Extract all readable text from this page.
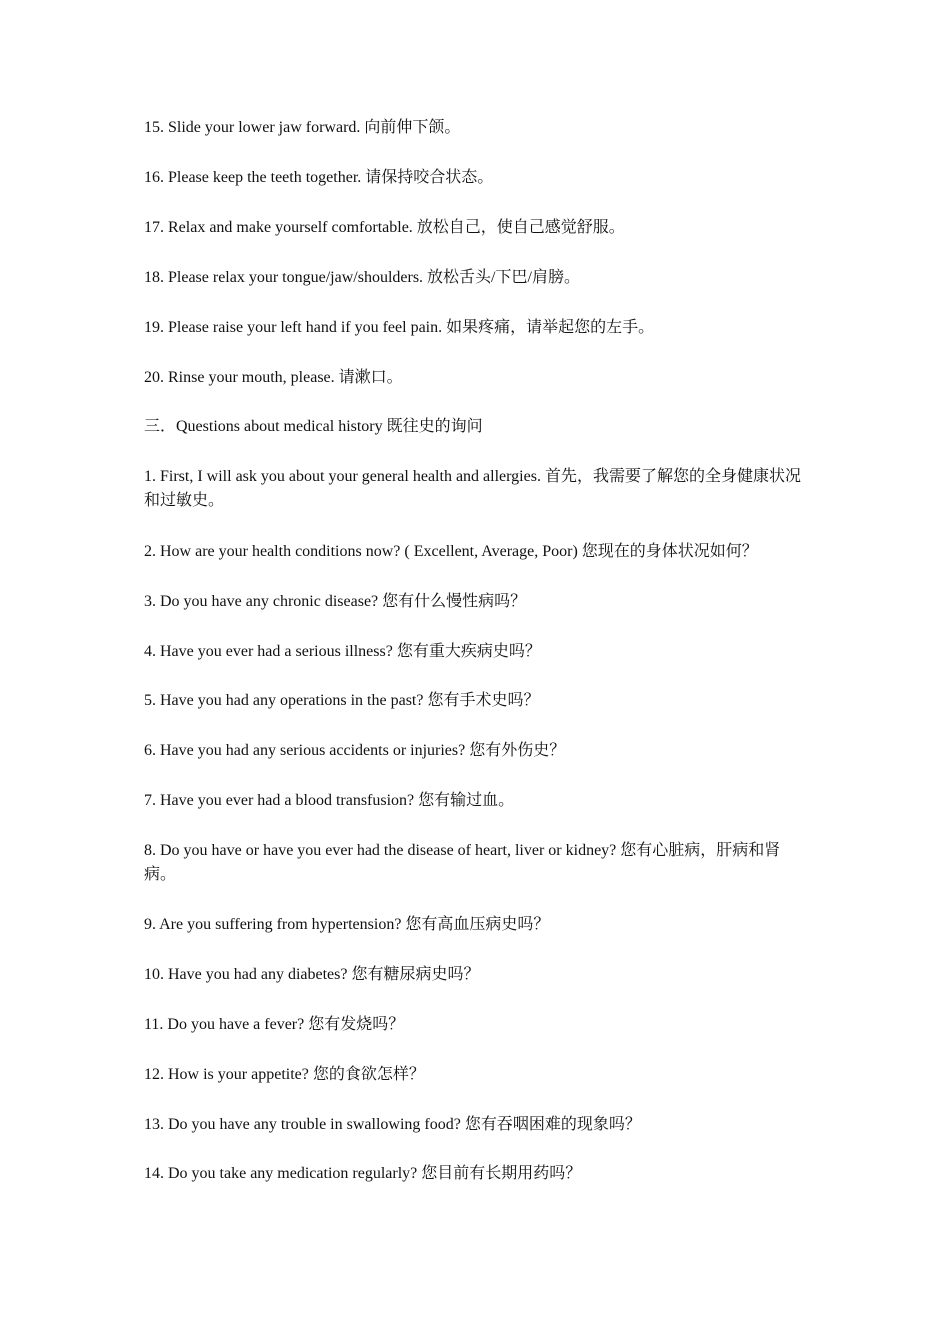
15. Slide your lower jaw forward. 向前伸下颌。
16. Please keep the teeth together. 请保持咬合状态。
17. Relax and make yourself comfortable. 放松自己，使自己感觉舒服。
18. Please relax your tongue/jaw/shoulders. 放松舌头/下巴/肩膀。
19. Please raise your left hand if you feel pain. 如果疼痛，请举起您的左手。
20. Rinse your mouth, please. 请漱口。
三．Questions about medical history 既往史的询问
1. First, I will ask you about your general health and allergies. 首先，我需要了解您的全身健康状况和过敏史。
2. How are your health conditions now? ( Excellent, Average, Poor) 您现在的身体状况如何？
3. Do you have any chronic disease? 您有什么慢性病吗？
4. Have you ever had a serious illness? 您有重大疾病史吗？
5. Have you had any operations in the past? 您有手术史吗？
6. Have you had any serious accidents or injuries? 您有外伤史？
7. Have you ever had a blood transfusion? 您有输过血。
8. Do you have or have you ever had the disease of heart, liver or kidney? 您有心脏病，肝病和肾病。
9. Are you suffering from hypertension? 您有高血压病史吗？
10. Have you had any diabetes? 您有糖尿病史吗？
11. Do you have a fever? 您有发烧吗？
12. How is your appetite? 您的食欲怎样？
13. Do you have any trouble in swallowing food? 您有吞咽困难的现象吗？
14. Do you take any medication regularly? 您目前有长期用药吗？
